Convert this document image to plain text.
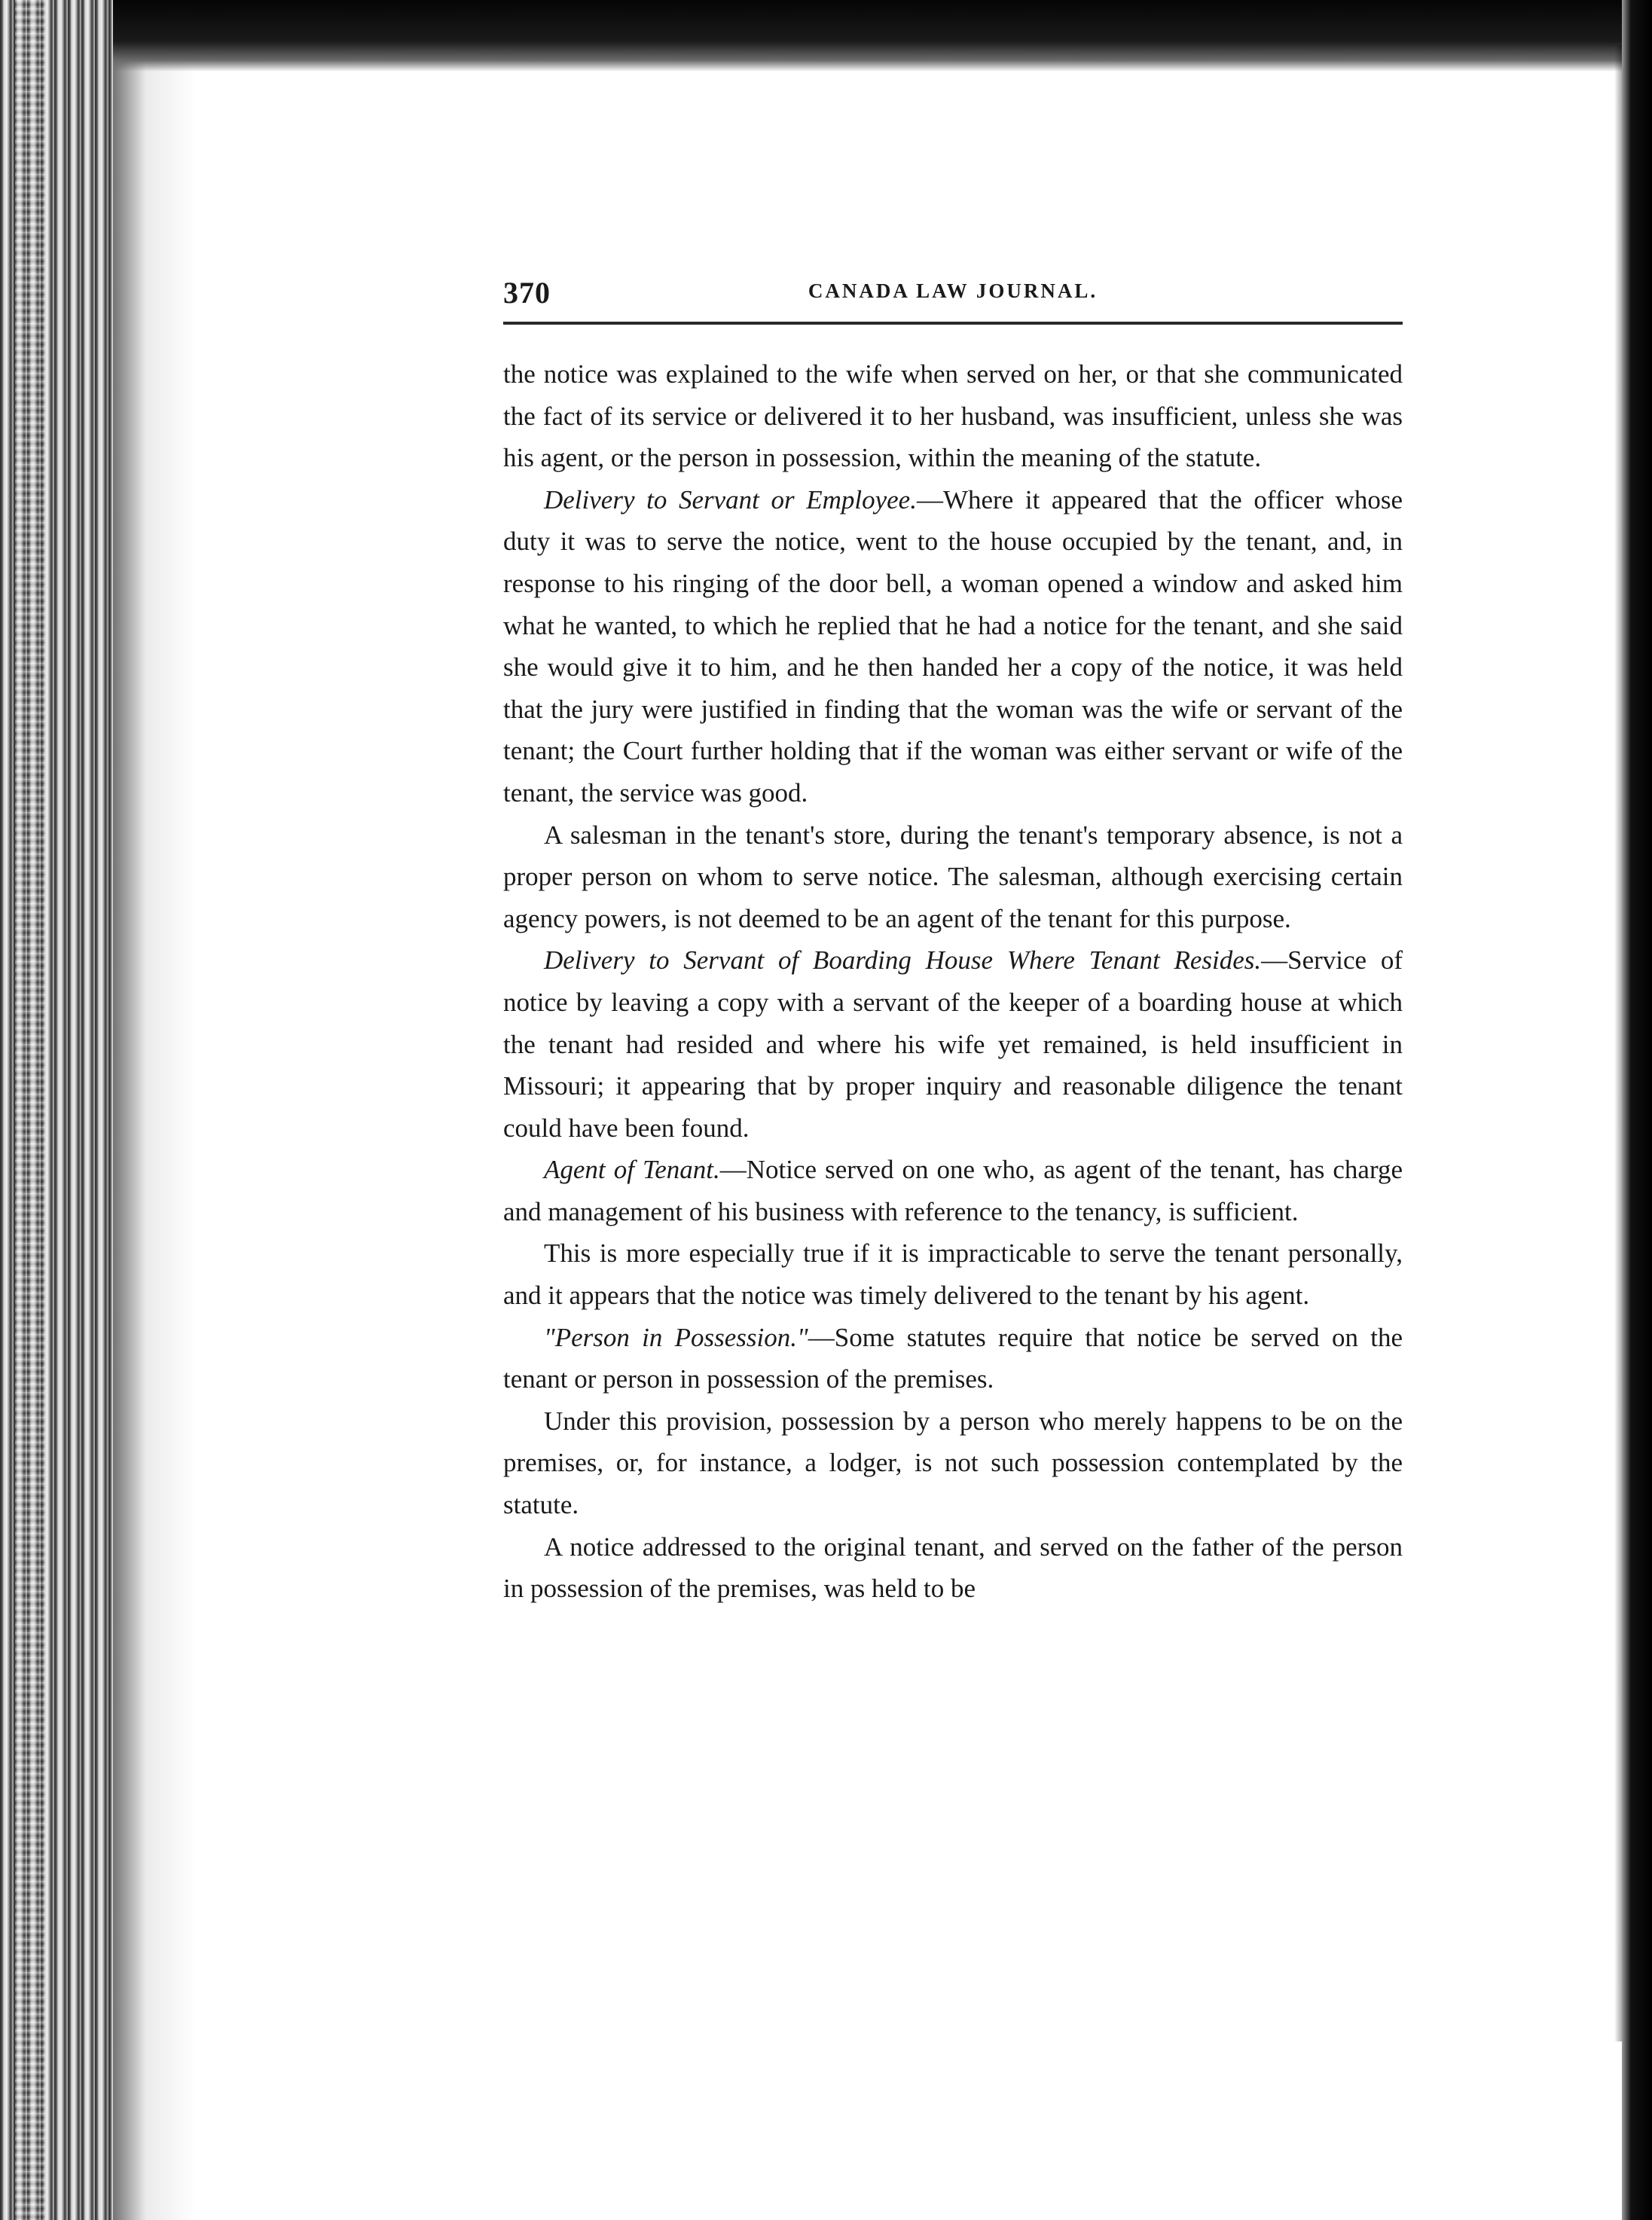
370	CANADA LAW JOURNAL.

the notice was explained to the wife when served on her, or that she communicated the fact of its service or delivered it to her husband, was insufficient, unless she was his agent, or the person in possession, within the meaning of the statute.

Delivery to Servant or Employee.—Where it appeared that the officer whose duty it was to serve the notice, went to the house occupied by the tenant, and, in response to his ringing of the door bell, a woman opened a window and asked him what he wanted, to which he replied that he had a notice for the tenant, and she said she would give it to him, and he then handed her a copy of the notice, it was held that the jury were justified in finding that the woman was the wife or servant of the tenant; the Court further holding that if the woman was either servant or wife of the tenant, the service was good.

A salesman in the tenant's store, during the tenant's temporary absence, is not a proper person on whom to serve notice. The salesman, although exercising certain agency powers, is not deemed to be an agent of the tenant for this purpose.

Delivery to Servant of Boarding House Where Tenant Resides.—Service of notice by leaving a copy with a servant of the keeper of a boarding house at which the tenant had resided and where his wife yet remained, is held insufficient in Missouri; it appearing that by proper inquiry and reasonable diligence the tenant could have been found.

Agent of Tenant.—Notice served on one who, as agent of the tenant, has charge and management of his business with reference to the tenancy, is sufficient.

This is more especially true if it is impracticable to serve the tenant personally, and it appears that the notice was timely delivered to the tenant by his agent.

"Person in Possession."—Some statutes require that notice be served on the tenant or person in possession of the premises.

Under this provision, possession by a person who merely happens to be on the premises, or, for instance, a lodger, is not such possession contemplated by the statute.

A notice addressed to the original tenant, and served on the father of the person in possession of the premises, was held to be
